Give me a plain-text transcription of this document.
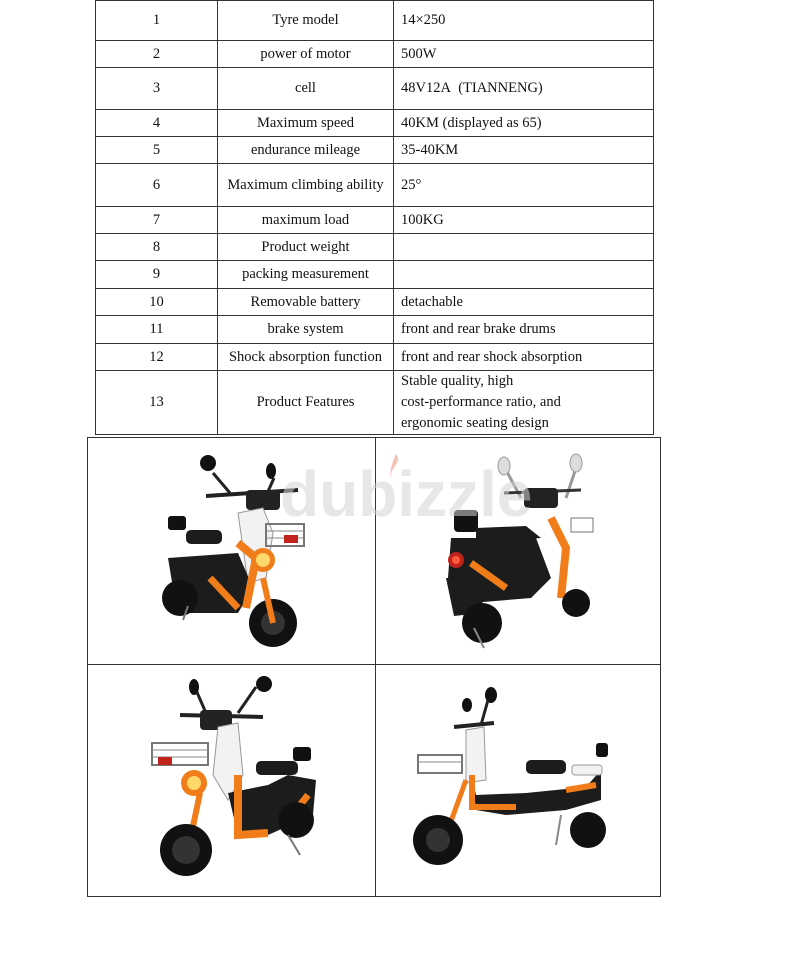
1	Tyre model	14×250

2	power of motor	500W

3	cell	48V12A  (TIANNENG)

4	Maximum speed	40KM (displayed as 65)

5	endurance mileage	35-40KM

6	Maximum climbing ability	25°

7	maximum load	100KG

8	Product weight	

9	packing measurement	

10	Removable battery	detachable

11	brake system	front and rear brake drums

12	Shock absorption function	front and rear shock absorption

13	Product Features	Stable quality, high
cost-performance ratio, and
ergonomic seating design
dubizzle
